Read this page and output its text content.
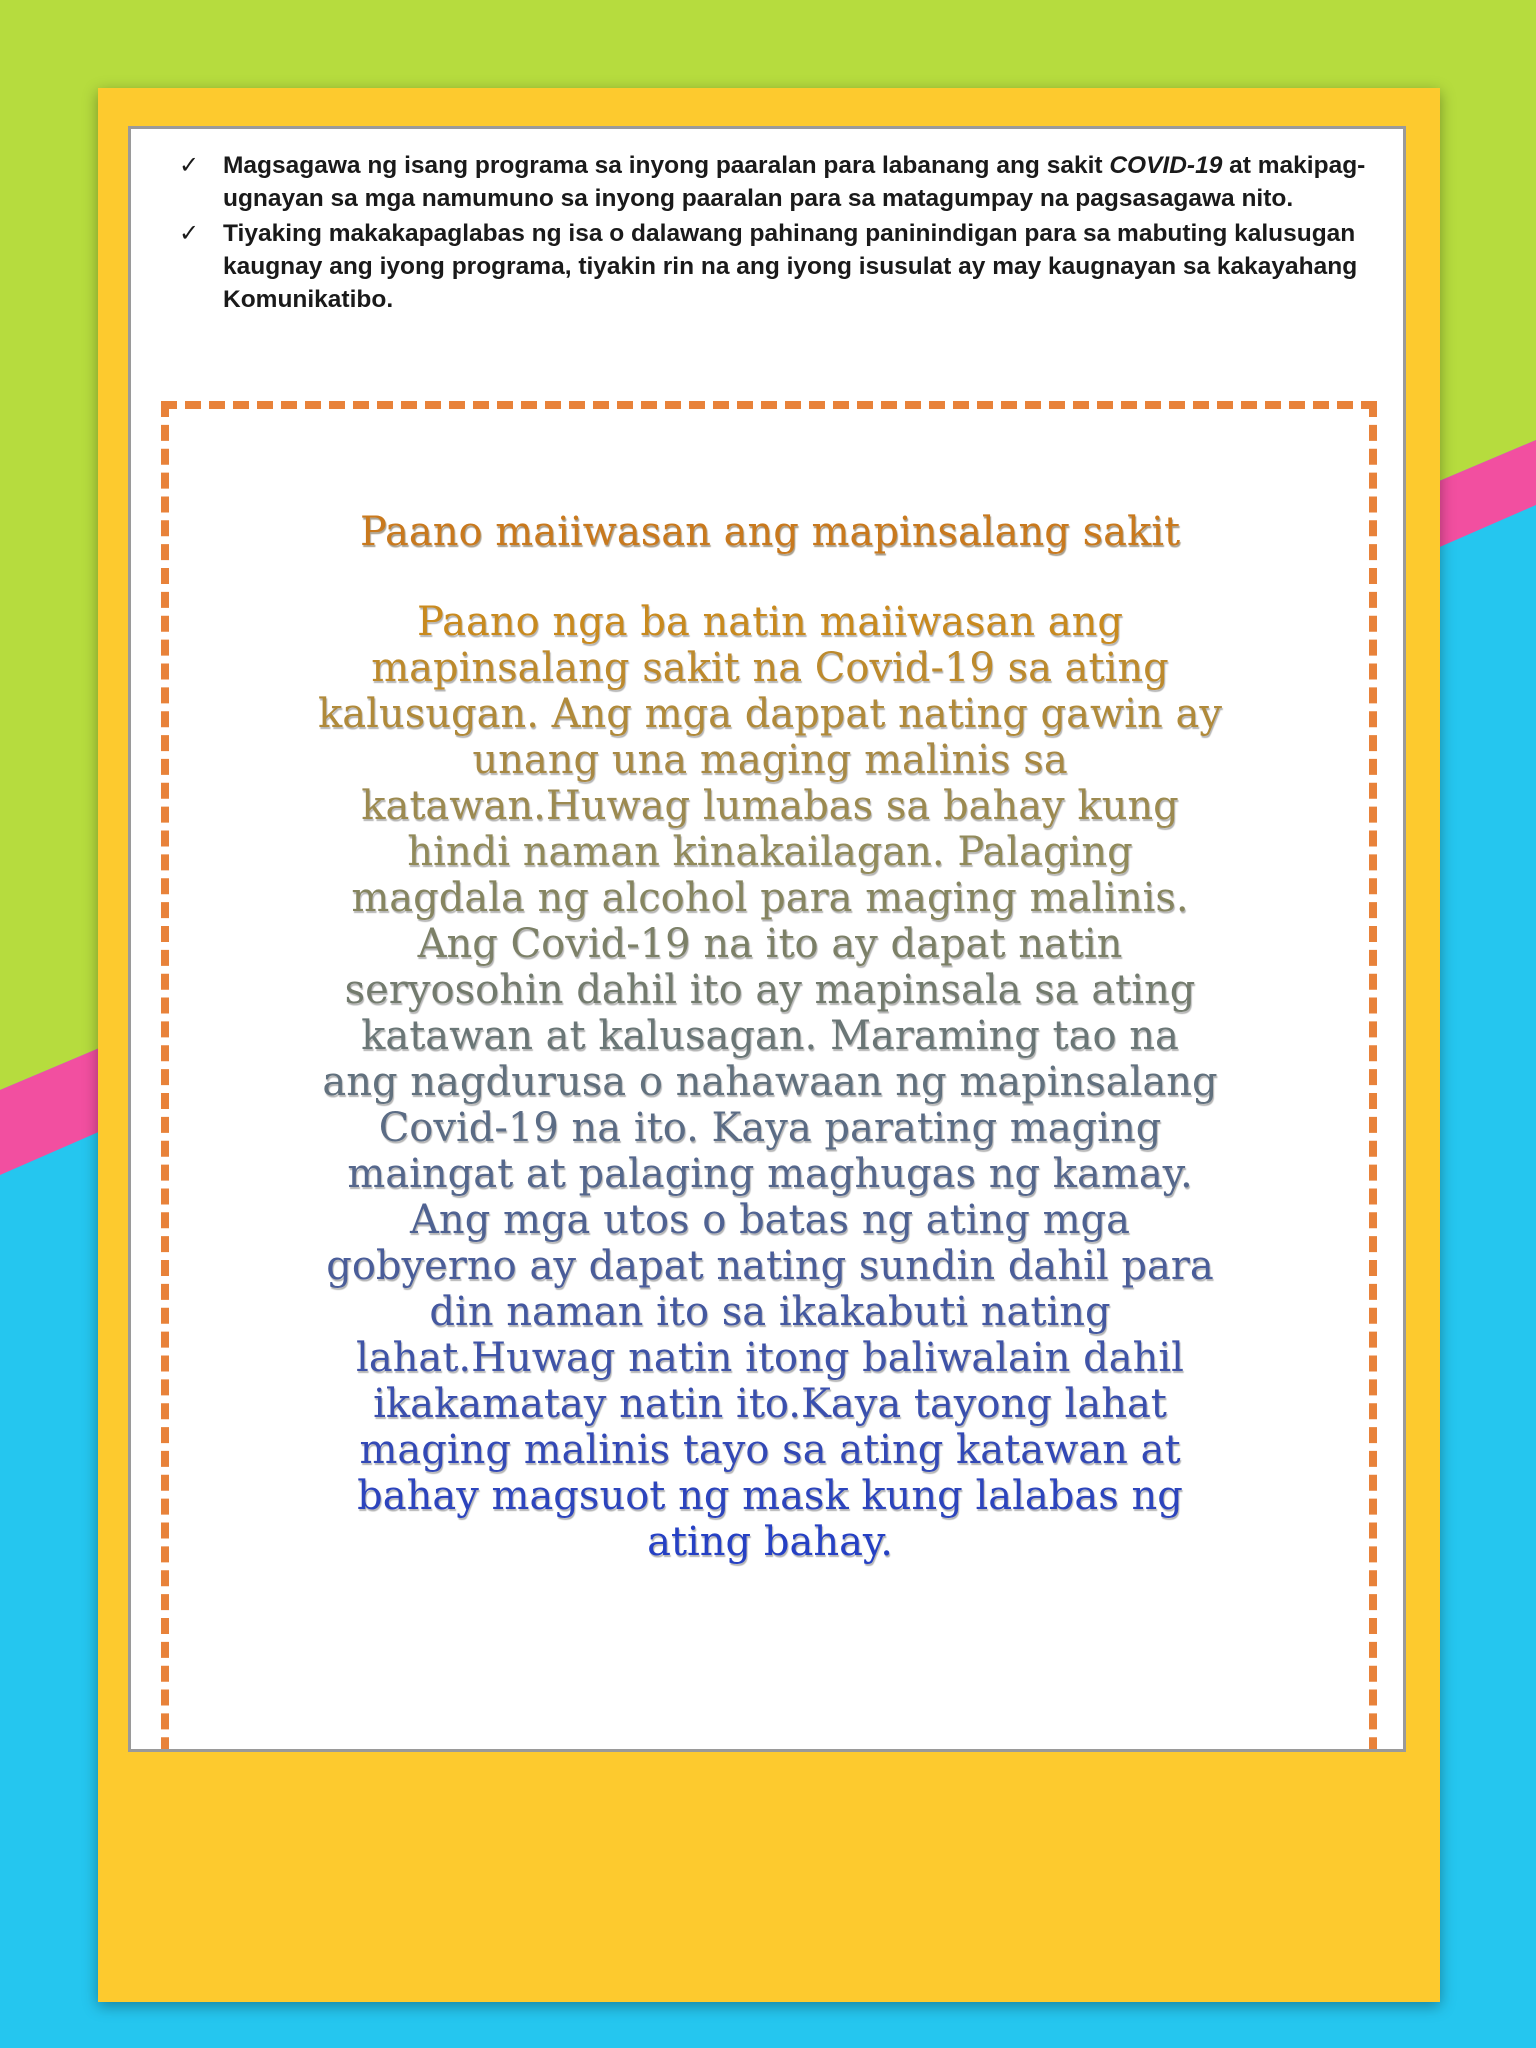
✓ Magsagawa ng isang programa sa inyong paaralan para labanang ang sakit COVID-19 at makipag-ugnayan sa mga namumuno sa inyong paaralan para sa matagumpay na pagsasagawa nito.
✓ Tiyaking makakapaglabas ng isa o dalawang pahinang paninindigan para sa mabuting kalusugan kaugnay ang iyong programa, tiyakin rin na ang iyong isusulat ay may kaugnayan sa kakayahang Komunikatibo.
Paano maiiwasan ang mapinsalang sakit
Paano nga ba natin maiiwasan ang
mapinsalang sakit na Covid-19 sa ating
kalusugan. Ang mga dappat nating gawin ay
unang una maging malinis sa
katawan.Huwag lumabas sa bahay kung
hindi naman kinakailagan. Palaging
magdala ng alcohol para maging malinis.
Ang Covid-19 na ito ay dapat natin
seryosohin dahil ito ay mapinsala sa ating
katawan at kalusagan. Maraming tao na
ang nagdurusa o nahawaan ng mapinsalang
Covid-19 na ito. Kaya parating maging
maingat at palaging maghugas ng kamay.
Ang mga utos o batas ng ating mga
gobyerno ay dapat nating sundin dahil para
din naman ito sa ikakabuti nating
lahat.Huwag natin itong baliwalain dahil
ikakamatay natin ito.Kaya tayong lahat
maging malinis tayo sa ating katawan at
bahay magsuot ng mask kung lalabas ng
ating bahay.
